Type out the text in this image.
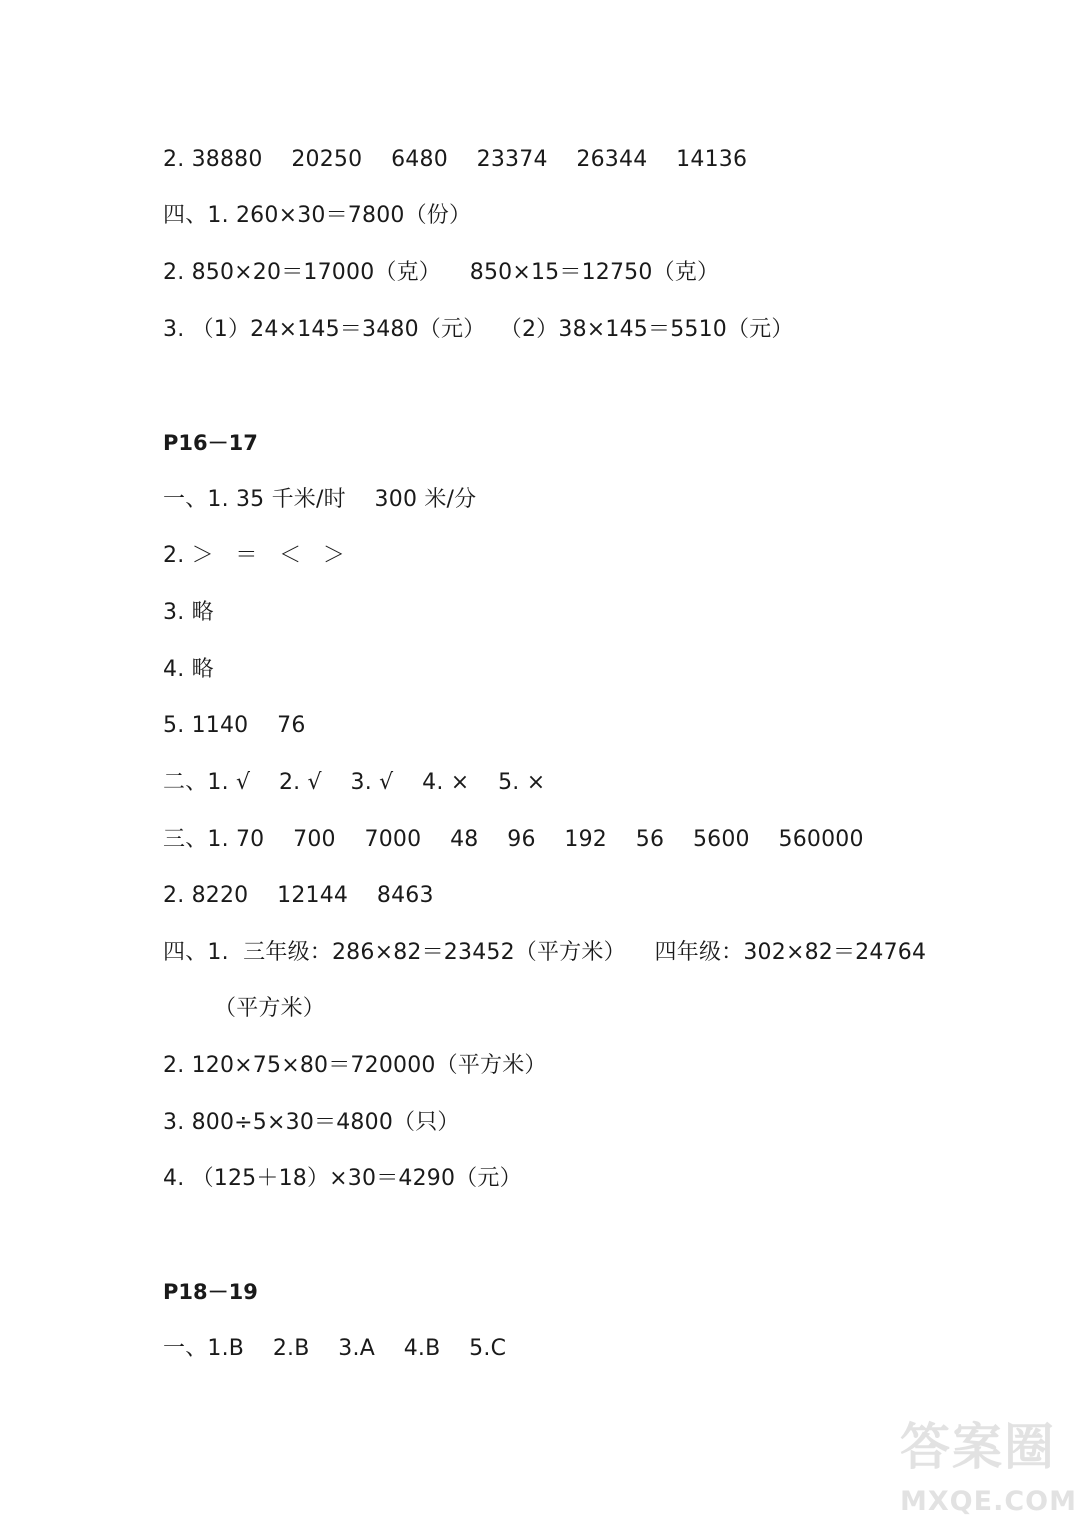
2. 38880    20250    6480    23374    26344    14136
四、1. 260×30＝7800（份）
2. 850×20＝17000（克）    850×15＝12750（克）
3. （1）24×145＝3480（元）  （2）38×145＝5510（元）
P16－17
一、1. 35 千米/时    300 米/分
2. ＞   ＝   ＜   ＞
3. 略
4. 略
5. 1140    76
二、1. √    2. √    3. √    4. ×    5. ×
三、1. 70    700    7000    48    96    192    56    5600    560000
2. 8220    12144    8463
四、1.  三年级：286×82＝23452（平方米）    四年级：302×82＝24764
（平方米）
2. 120×75×80＝720000（平方米）
3. 800÷5×30＝4800（只）
4. （125＋18）×30＝4290（元）
P18－19
一、1.B    2.B    3.A    4.B    5.C
答案圈
MXQE.COM
